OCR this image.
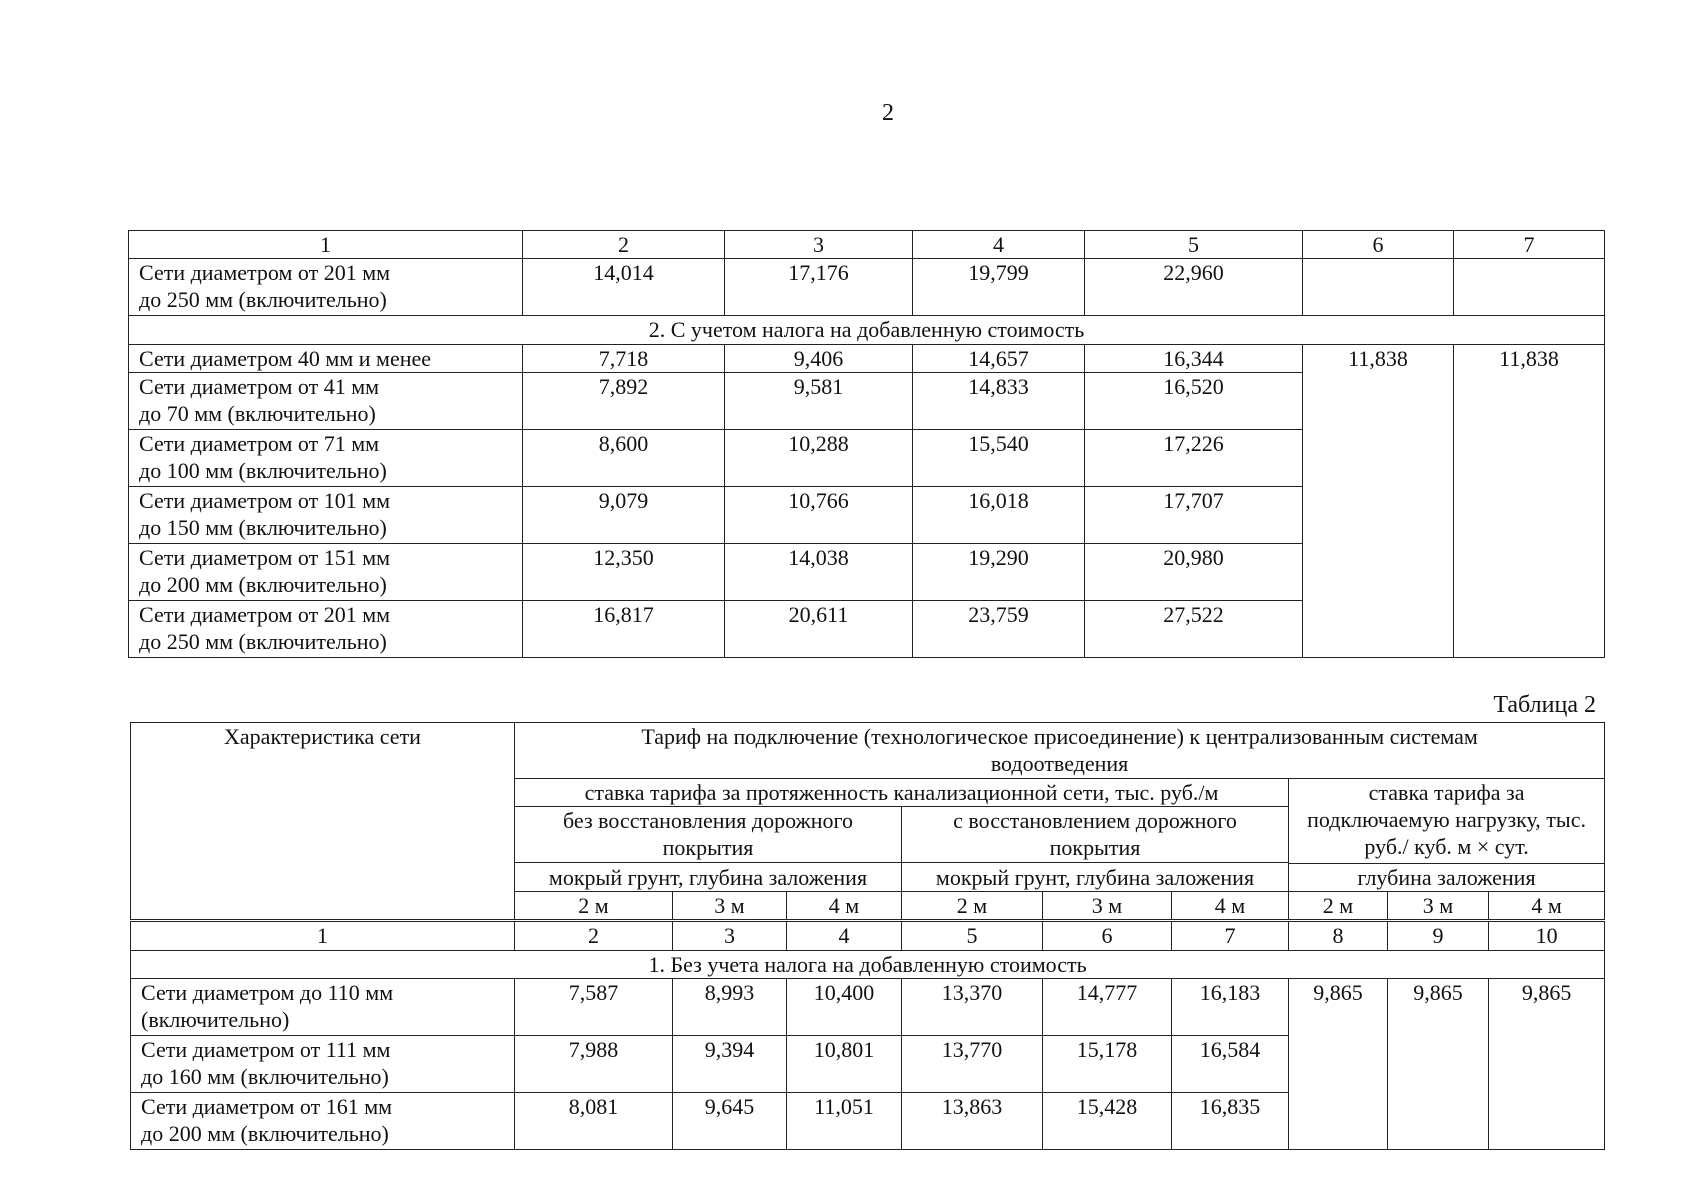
2
1	2	3	4	5	6	7
Сети диаметром от 201 мм
до 250 мм (включительно)	14,014	17,176	19,799	22,960		
2. С учетом налога на добавленную стоимость						
Сети диаметром 40 мм и менее	7,718	9,406	14,657	16,344	11,838	11,838
Сети диаметром от 41 мм
до 70 мм (включительно)	7,892	9,581	14,833	16,520		
Сети диаметром от 71 мм
до 100 мм (включительно)	8,600	10,288	15,540	17,226		
Сети диаметром от 101 мм
до 150 мм (включительно)	9,079	10,766	16,018	17,707		
Сети диаметром от 151 мм
до 200 мм (включительно)	12,350	14,038	19,290	20,980		
Сети диаметром от 201 мм
до 250 мм (включительно)	16,817	20,611	23,759	27,522		
Таблица 2
Характеристика сети	Тариф на подключение (технологическое присоединение) к централизованным системам водоотведения								
	ставка тарифа за протяженность канализационной сети, тыс. руб./м						ставка тарифа за подключаемую нагрузку, тыс. руб./ куб. м × сут.		
	без восстановления дорожного покрытия			с восстановлением дорожного покрытия					
	мокрый грунт, глубина заложения			мокрый грунт, глубина заложения					
							глубина заложения		
	2 м	3 м	4 м	2 м	3 м	4 м	2 м	3 м	4 м
1	2	3	4	5	6	7	8	9	10
1. Без учета налога на добавленную стоимость									
Сети диаметром до 110 мм
(включительно)	7,587	8,993	10,400	13,370	14,777	16,183	9,865	9,865	9,865
Сети диаметром от 111 мм
до 160 мм (включительно)	7,988	9,394	10,801	13,770	15,178	16,584			
Сети диаметром от 161 мм
до 200 мм (включительно)	8,081	9,645	11,051	13,863	15,428	16,835			
